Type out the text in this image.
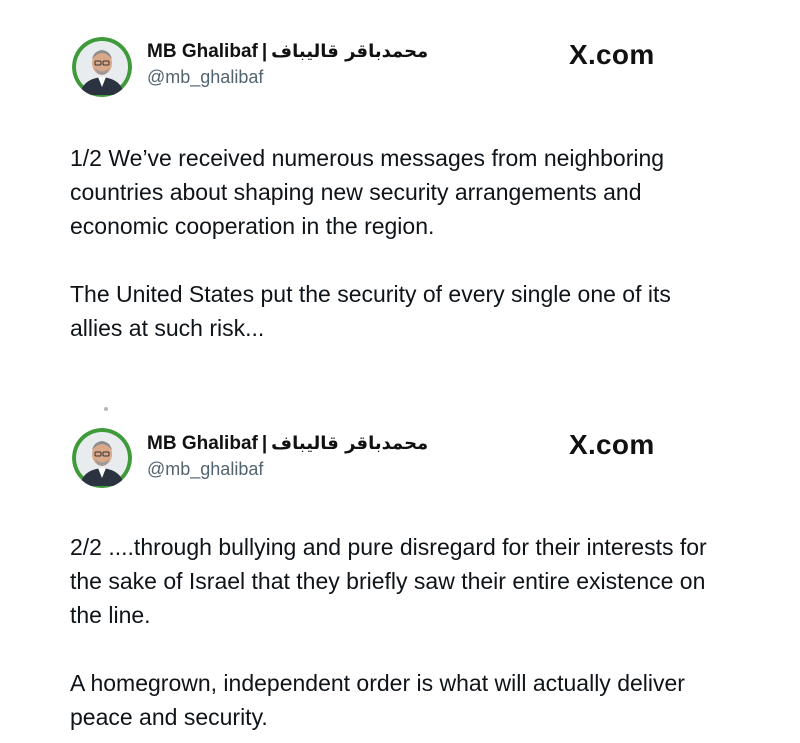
MB Ghalibaf | محمدباقر قالیباف
@mb_ghalibaf
X.com

1/2 We’ve received numerous messages from neighboring countries about shaping new security arrangements and economic cooperation in the region.

The United States put the security of every single one of its allies at such risk...

MB Ghalibaf | محمدباقر قالیباف
@mb_ghalibaf
X.com

2/2 ....through bullying and pure disregard for their interests for the sake of Israel that they briefly saw their entire existence on the line.

A homegrown, independent order is what will actually deliver peace and security.
